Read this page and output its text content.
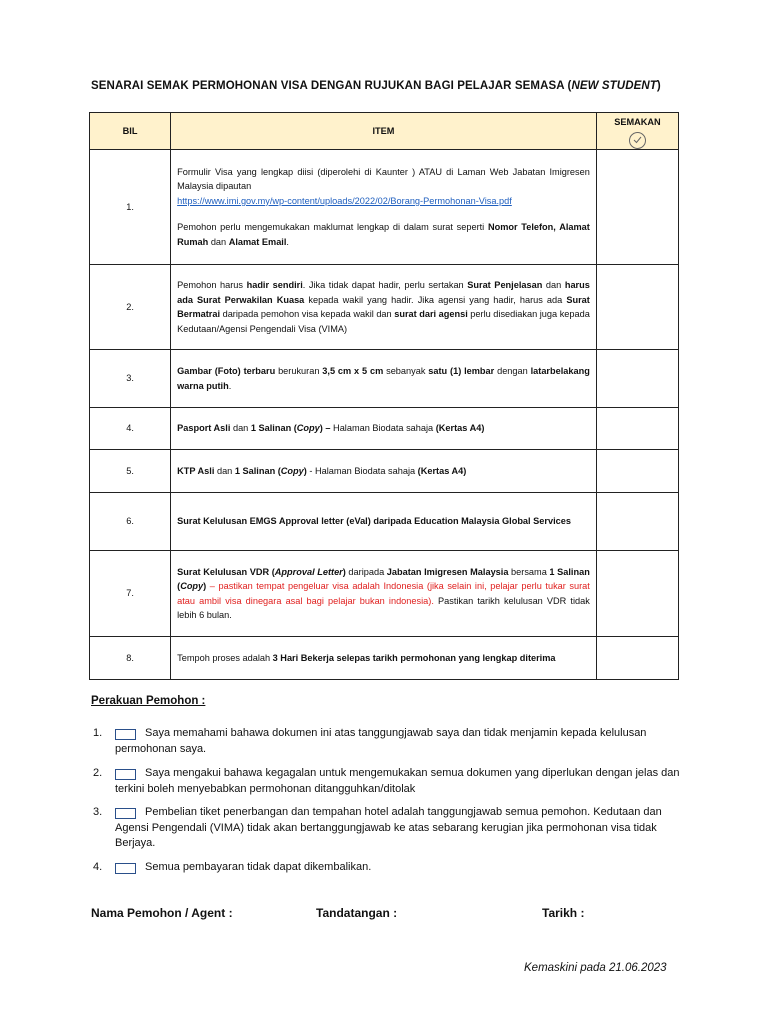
SENARAI SEMAK PERMOHONAN VISA DENGAN RUJUKAN BAGI PELAJAR SEMASA (NEW STUDENT)
BIL	ITEM	SEMAKAN

1.	Formulir Visa yang lengkap diisi (diperolehi di Kaunter ) ATAU di Laman Web Jabatan Imigresen Malaysia dipautan
https://www.imi.gov.my/wp-content/uploads/2022/02/Borang-Permohonan-Visa.pdf
Pemohon perlu mengemukakan maklumat lengkap di dalam surat seperti Nomor Telefon, Alamat Rumah dan Alamat Email.	

2.	Pemohon harus hadir sendiri. Jika tidak dapat hadir, perlu sertakan Surat Penjelasan dan harus ada Surat Perwakilan Kuasa kepada wakil yang hadir. Jika agensi yang hadir, harus ada Surat Bermatrai daripada pemohon visa kepada wakil dan surat dari agensi perlu disediakan juga kepada Kedutaan/Agensi Pengendali Visa (VIMA)	
3.	Gambar (Foto) terbaru berukuran 3,5 cm x 5 cm sebanyak satu (1) lembar dengan latarbelakang warna putih.	
4.	Pasport Asli dan 1 Salinan (Copy) – Halaman Biodata sahaja (Kertas A4)	
5.	KTP Asli dan 1 Salinan (Copy) - Halaman Biodata sahaja (Kertas A4)	
6.	Surat Kelulusan EMGS Approval letter (eVal) daripada Education Malaysia Global Services	
7.	Surat Kelulusan VDR (Approval Letter) daripada Jabatan Imigresen Malaysia bersama 1 Salinan (Copy) – pastikan tempat pengeluar visa adalah Indonesia (jika selain ini, pelajar perlu tukar surat atau ambil visa dinegara asal bagi pelajar bukan indonesia). Pastikan tarikh kelulusan VDR tidak lebih 6 bulan.	
8.	Tempoh proses adalah 3 Hari Bekerja selepas tarikh permohonan yang lengkap diterima	
Perakuan Pemohon :
1.	Saya memahami bahawa dokumen ini atas tanggungjawab saya dan tidak menjamin kepada kelulusan permohonan saya.
2.	Saya mengakui bahawa kegagalan untuk mengemukakan semua dokumen yang diperlukan dengan jelas dan terkini boleh menyebabkan permohonan ditangguhkan/ditolak
3.	Pembelian tiket penerbangan dan tempahan hotel adalah tanggungjawab semua pemohon. Kedutaan dan Agensi Pengendali (VIMA) tidak akan bertanggungjawab ke atas sebarang kerugian jika permohonan visa tidak Berjaya.
4.	Semua pembayaran tidak dapat dikembalikan.
Nama Pemohon / Agent :	Tandatangan :	Tarikh :
Kemaskini pada 21.06.2023
